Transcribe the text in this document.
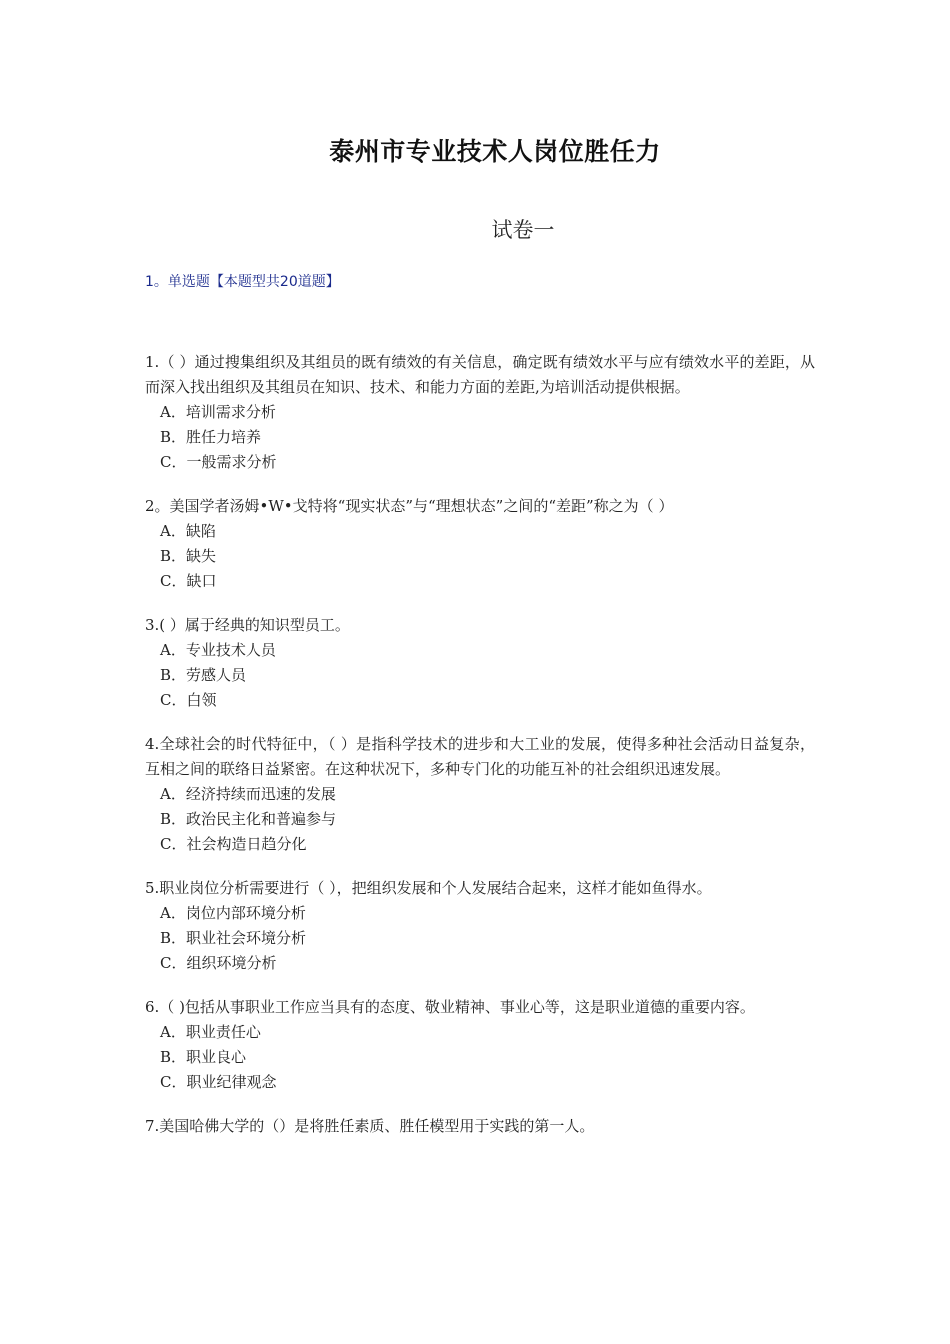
泰州市专业技术人岗位胜任力
试卷一
1。单选题【本题型共20道题】

1.（ ）通过搜集组织及其组员的既有绩效的有关信息，确定既有绩效水平与应有绩效水平的差距，从而深入找出组织及其组员在知识、技术、和能力方面的差距,为培训活动提供根据。

A．培训需求分析

B．胜任力培养

C．一般需求分析

2。美国学者汤姆•W•戈特将“现实状态”与“理想状态”之间的“差距”称之为（ ）

A．缺陷

B．缺失

C．缺口

3.( ）属于经典的知识型员工。

A．专业技术人员

B．劳感人员

C．白领

4.全球社会的时代特征中，（ ）是指科学技术的进步和大工业的发展，使得多种社会活动日益复杂，互相之间的联络日益紧密。在这种状况下，多种专门化的功能互补的社会组织迅速发展。

A．经济持续而迅速的发展

B．政治民主化和普遍参与

C．社会构造日趋分化

5.职业岗位分析需要进行（ ），把组织发展和个人发展结合起来，这样才能如鱼得水。

A．岗位内部环境分析

B．职业社会环境分析

C．组织环境分析

6.（ )包括从事职业工作应当具有的态度、敬业精神、事业心等，这是职业道德的重要内容。

A．职业责任心

B．职业良心

C．职业纪律观念

7.美国哈佛大学的（）是将胜任素质、胜任模型用于实践的第一人。
